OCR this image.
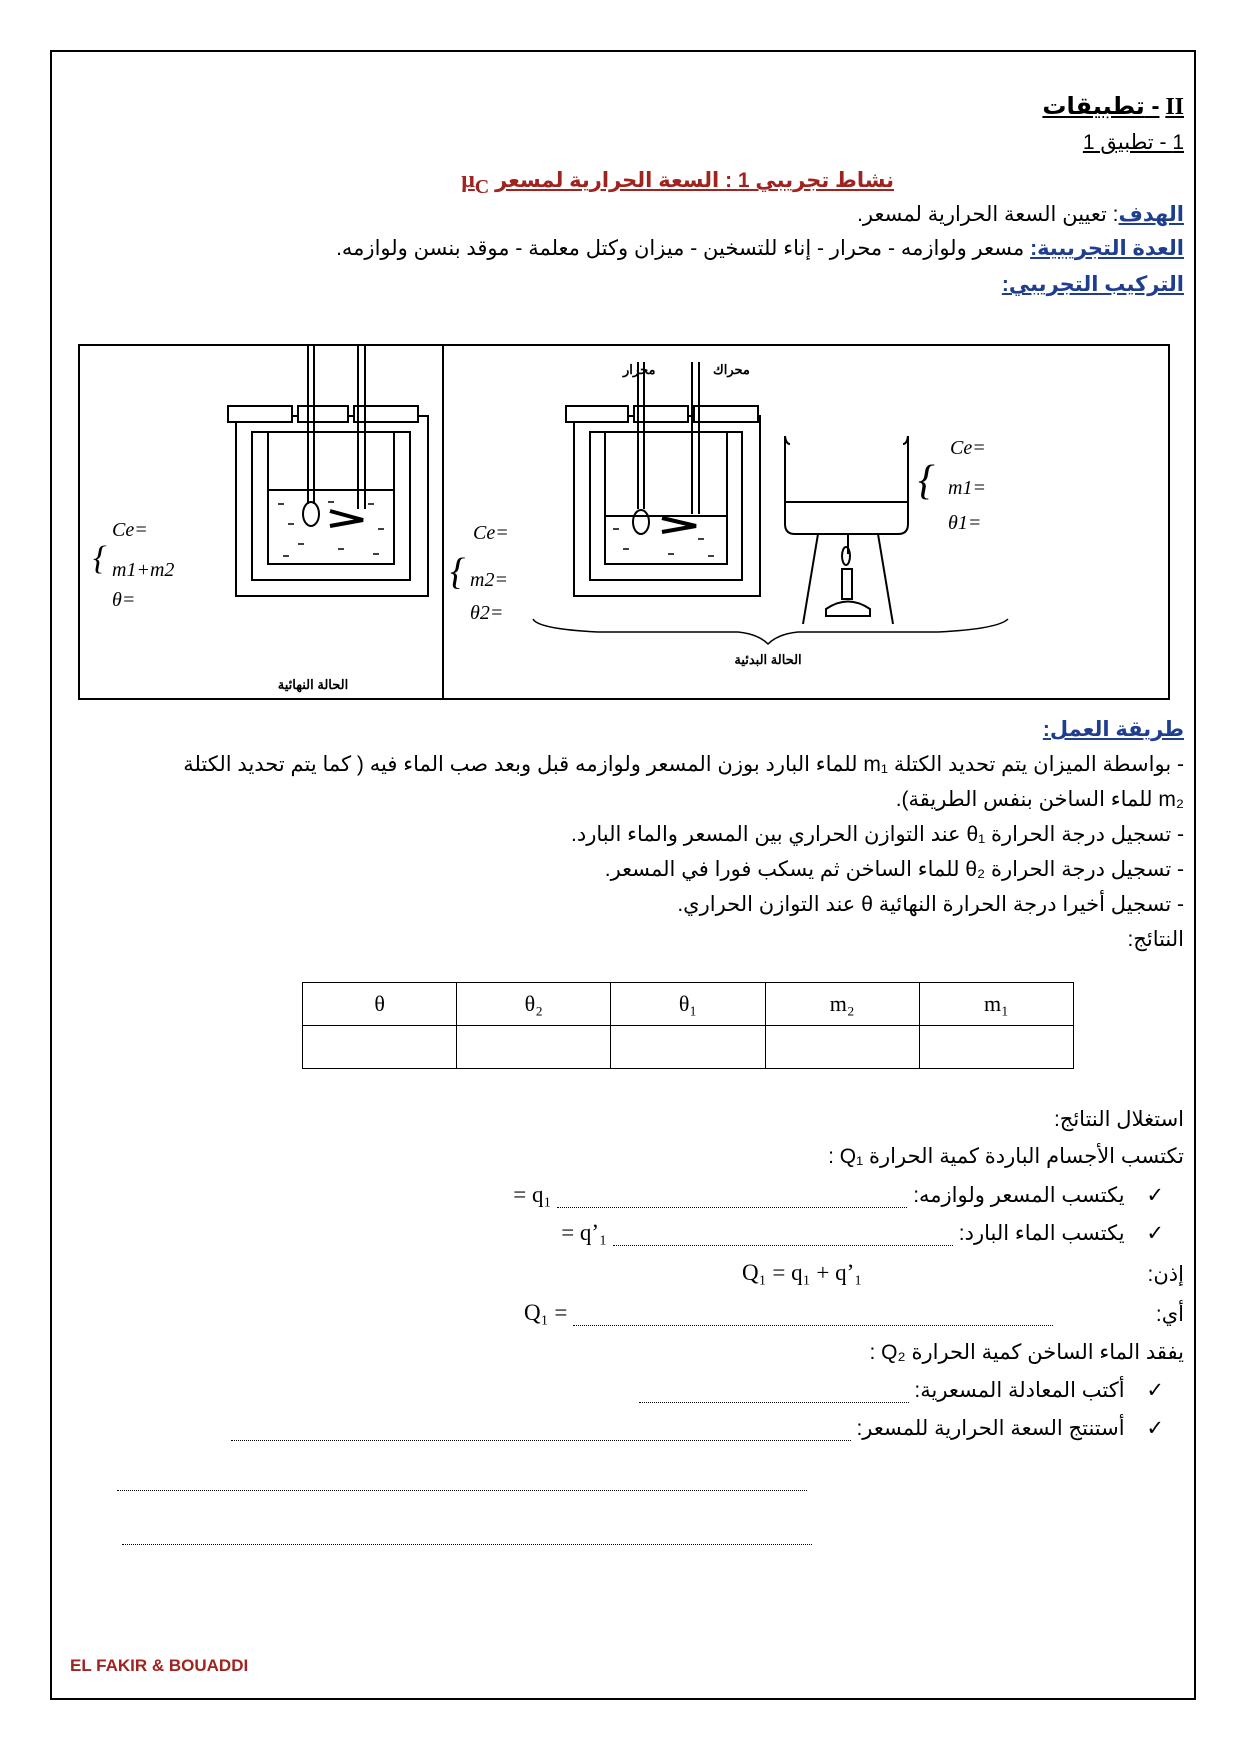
II - تطبيقات
1 - تطبيق 1
نشاط تجريبي 1 : السعة الحرارية لمسعر $\mu_C$
الهدف: تعيين السعة الحرارية لمسعر.
العدة التجريبية: مسعر ولوازمه - محرار - إناء للتسخين - ميزان وكتل معلمة - موقد بنسن ولوازمه.
التركيب التجريبي:
الحالة النهائية
{
Ce=
m1+m2
θ=
محرار	محراك
الحالة البدئية
{
Ce=
m2=
θ2=
{
Ce=
m1=
θ1=
طريقة العمل:
- بواسطة الميزان يتم تحديد الكتلة m₁ للماء البارد بوزن المسعر ولوازمه قبل وبعد صب الماء فيه ( كما يتم تحديد الكتلة
m₂ للماء الساخن بنفس الطريقة).
- تسجيل درجة الحرارة θ₁ عند التوازن الحراري بين المسعر والماء البارد.
- تسجيل درجة الحرارة θ₂ للماء الساخن ثم يسكب فورا في المسعر.
- تسجيل أخيرا درجة الحرارة النهائية θ عند التوازن الحراري.
النتائج:
θ	θ₂	θ₁	m₂	m₁

استغلال النتائج:
تكتسب الأجسام الباردة كمية الحرارة Q₁ :
✓ يكتسب المسعر ولوازمه:  q₁ =
✓ يكتسب الماء البارد:  q’₁ =
إذن:
Q₁ = q₁ + q’₁
أي:
Q₁ =
يفقد الماء الساخن كمية الحرارة Q₂ :
✓ أكتب المعادلة المسعرية:
✓ أستنتج السعة الحرارية للمسعر:
EL FAKIR & BOUADDI
